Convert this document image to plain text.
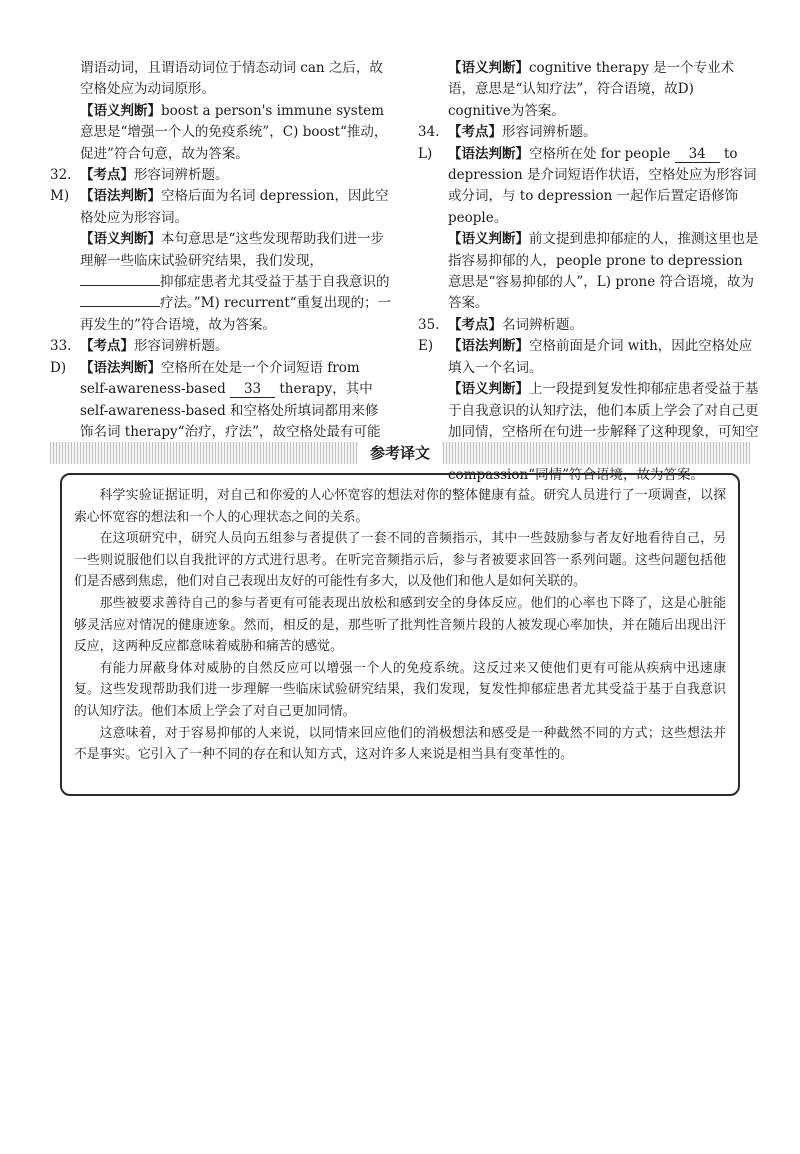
谓语动词，且谓语动词位于情态动词 can 之后，故空格处应为动词原形。
【语义判断】boost a person's immune system 意思是“增强一个人的免疫系统”，C) boost“推动，促进”符合句意，故为答案。
32. 【考点】形容词辨析题。
M) 【语法判断】空格后面为名词 depression，因此空格处应为形容词。
【语义判断】本句意思是“这些发现帮助我们进一步理解一些临床试验研究结果，我们发现，抑郁症患者尤其受益于基于自我意识的疗法。”M) recurrent“重复出现的；一再发生的”符合语境，故为答案。
33. 【考点】形容词辨析题。
D) 【语法判断】空格所在处是一个介词短语 from self-awareness-based 33 therapy，其中 self-awareness-based 和空格处所填词都用来修饰名词 therapy“治疗，疗法”，故空格处最有可能
【语义判断】cognitive therapy 是一个专业术语，意思是“认知疗法”，符合语境，故D) cognitive为答案。
34. 【考点】形容词辨析题。
L) 【语法判断】空格所在处 for people 34 to depression 是介词短语作状语，空格处应为形容词或分词，与 to depression 一起作后置定语修饰 people。
【语义判断】前文提到患抑郁症的人，推测这里也是指容易抑郁的人，people prone to depression 意思是“容易抑郁的人”，L) prone 符合语境，故为答案。
35. 【考点】名词辨析题。
E) 【语法判断】空格前面是介词 with，因此空格处应填入一个名词。
【语义判断】上一段提到复发性抑郁症患者受益于基于自我意识的认知疗法，他们本质上学会了对自己更加同情，空格所在句进一步解释了这种现象，可知空 compassion“同情”符合语境，故为答案。
参考译文

科学实验证据证明，对自己和你爱的人心怀宽容的想法对你的整体健康有益。研究人员进行了一项调查，以探索心怀宽容的想法和一个人的心理状态之间的关系。

在这项研究中，研究人员向五组参与者提供了一套不同的音频指示，其中一些鼓励参与者友好地看待自己，另一些则说服他们以自我批评的方式进行思考。在听完音频指示后，参与者被要求回答一系列问题。这些问题包括他们是否感到焦虑，他们对自己表现出友好的可能性有多大，以及他们和他人是如何关联的。

那些被要求善待自己的参与者更有可能表现出放松和感到安全的身体反应。他们的心率也下降了，这是心脏能够灵活应对情况的健康迹象。然而，相反的是，那些听了批判性音频片段的人被发现心率加快，并在随后出现出汗反应，这两种反应都意味着威胁和痛苦的感觉。

有能力屏蔽身体对威胁的自然反应可以增强一个人的免疫系统。这反过来又使他们更有可能从疾病中迅速康复。这些发现帮助我们进一步理解一些临床试验研究结果，我们发现，复发性抑郁症患者尤其受益于基于自我意识的认知疗法。他们本质上学会了对自己更加同情。

这意味着，对于容易抑郁的人来说，以同情来回应他们的消极想法和感受是一种截然不同的方式；这些想法并不是事实。它引入了一种不同的存在和认知方式，这对许多人来说是相当具有变革性的。
